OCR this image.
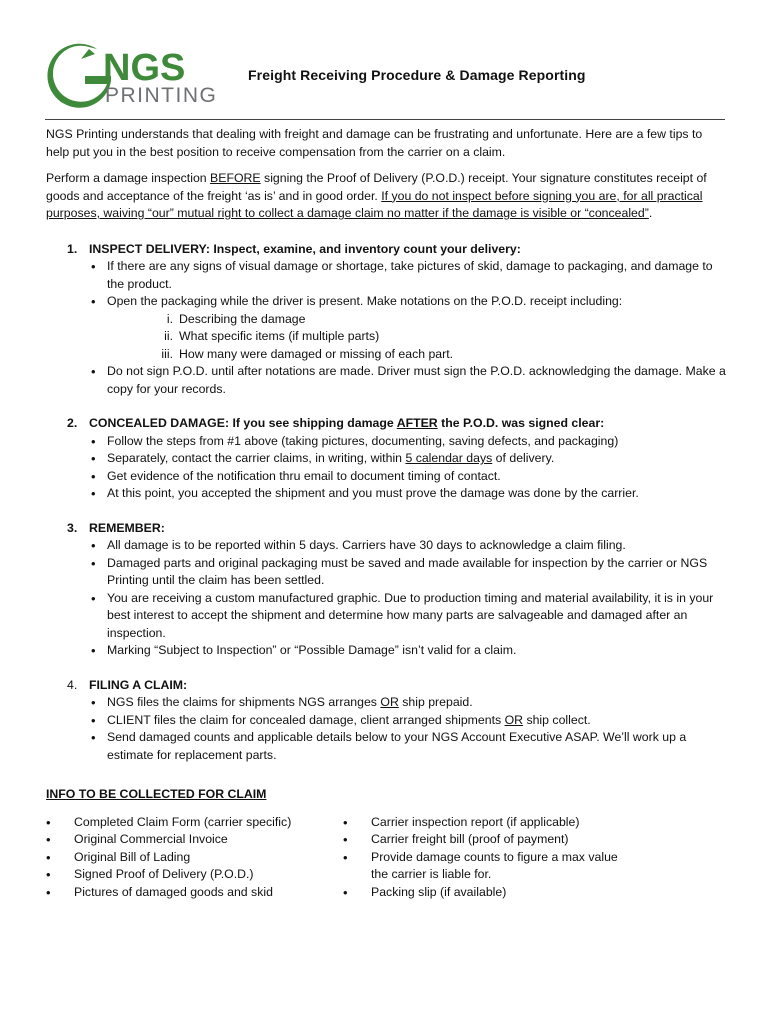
NGS
PRINTING
Freight Receiving Procedure & Damage Reporting

NGS Printing understands that dealing with freight and damage can be frustrating and unfortunate. Here are a few tips to help put you in the best position to receive compensation from the carrier on a claim.

Perform a damage inspection BEFORE signing the Proof of Delivery (P.O.D.) receipt. Your signature constitutes receipt of goods and acceptance of the freight ‘as is’ and in good order. If you do not inspect before signing you are, for all practical purposes, waiving “our” mutual right to collect a damage claim no matter if the damage is visible or “concealed”.

1. INSPECT DELIVERY: Inspect, examine, and inventory count your delivery:
• If there are any signs of visual damage or shortage, take pictures of skid, damage to packaging, and damage to the product.
• Open the packaging while the driver is present. Make notations on the P.O.D. receipt including:
i. Describing the damage
ii. What specific items (if multiple parts)
iii. How many were damaged or missing of each part.
• Do not sign P.O.D. until after notations are made. Driver must sign the P.O.D. acknowledging the damage. Make a copy for your records.
2. CONCEALED DAMAGE: If you see shipping damage AFTER the P.O.D. was signed clear:
• Follow the steps from #1 above (taking pictures, documenting, saving defects, and packaging)
• Separately, contact the carrier claims, in writing, within 5 calendar days of delivery.
• Get evidence of the notification thru email to document timing of contact.
• At this point, you accepted the shipment and you must prove the damage was done by the carrier.
3. REMEMBER:
• All damage is to be reported within 5 days. Carriers have 30 days to acknowledge a claim filing.
• Damaged parts and original packaging must be saved and made available for inspection by the carrier or NGS Printing until the claim has been settled.
• You are receiving a custom manufactured graphic. Due to production timing and material availability, it is in your best interest to accept the shipment and determine how many parts are salvageable and damaged after an inspection.
• Marking “Subject to Inspection” or “Possible Damage” isn’t valid for a claim.
4. FILING A CLAIM:
• NGS files the claims for shipments NGS arranges OR ship prepaid.
• CLIENT files the claim for concealed damage, client arranged shipments OR ship collect.
• Send damaged counts and applicable details below to your NGS Account Executive ASAP. We’ll work up a estimate for replacement parts.
INFO TO BE COLLECTED FOR CLAIM
• Completed Claim Form (carrier specific)
• Original Commercial Invoice
• Original Bill of Lading
• Signed Proof of Delivery (P.O.D.)
• Pictures of damaged goods and skid
• Carrier inspection report (if applicable)
• Carrier freight bill (proof of payment)
• Provide damage counts to figure a max value the carrier is liable for.
• Packing slip (if available)
